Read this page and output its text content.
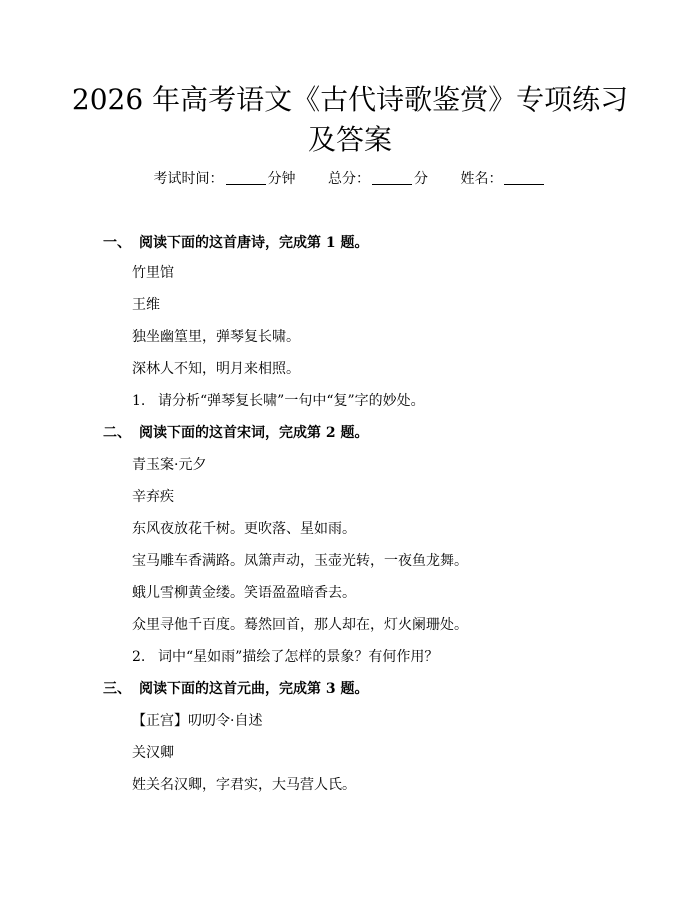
2026 年高考语文《古代诗歌鉴赏》专项练习
及答案
考试时间：	分钟 总分：	分 姓名：
一、 阅读下面的这首唐诗，完成第 1 题。
竹里馆
王维
独坐幽篁里，弹琴复长啸。
深林人不知，明月来相照。
1. 请分析“弹琴复长啸”一句中“复”字的妙处。
二、 阅读下面的这首宋词，完成第 2 题。
青玉案·元夕
辛弃疾
东风夜放花千树。更吹落、星如雨。
宝马雕车香满路。凤箫声动，玉壶光转，一夜鱼龙舞。
蛾儿雪柳黄金缕。笑语盈盈暗香去。
众里寻他千百度。蓦然回首，那人却在，灯火阑珊处。
2. 词中“星如雨”描绘了怎样的景象？有何作用？
三、 阅读下面的这首元曲，完成第 3 题。
【正宫】叨叨令·自述
关汉卿
姓关名汉卿，字君实，大马营人氏。
